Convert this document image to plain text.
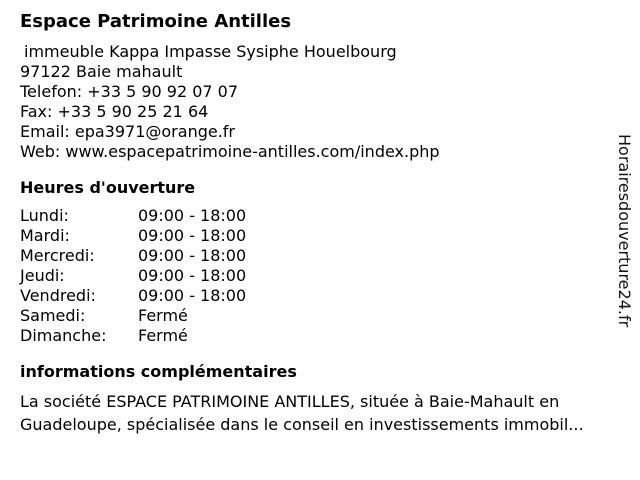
Espace Patrimoine Antilles
immeuble Kappa Impasse Sysiphe Houelbourg
97122 Baie mahault
Telefon: +33 5 90 92 07 07
Fax: +33 5 90 25 21 64
Email: epa3971@orange.fr
Web: www.espacepatrimoine-antilles.com/index.php
Heures d'ouverture
Lundi:	09:00 - 18:00
Mardi:	09:00 - 18:00
Mercredi:	09:00 - 18:00
Jeudi:	09:00 - 18:00
Vendredi:	09:00 - 18:00
Samedi:	Fermé
Dimanche:	Fermé
informations complémentaires
La société ESPACE PATRIMOINE ANTILLES, située à Baie-Mahault en
Guadeloupe, spécialisée dans le conseil en investissements immobil...
Horairesdouverture24.fr
